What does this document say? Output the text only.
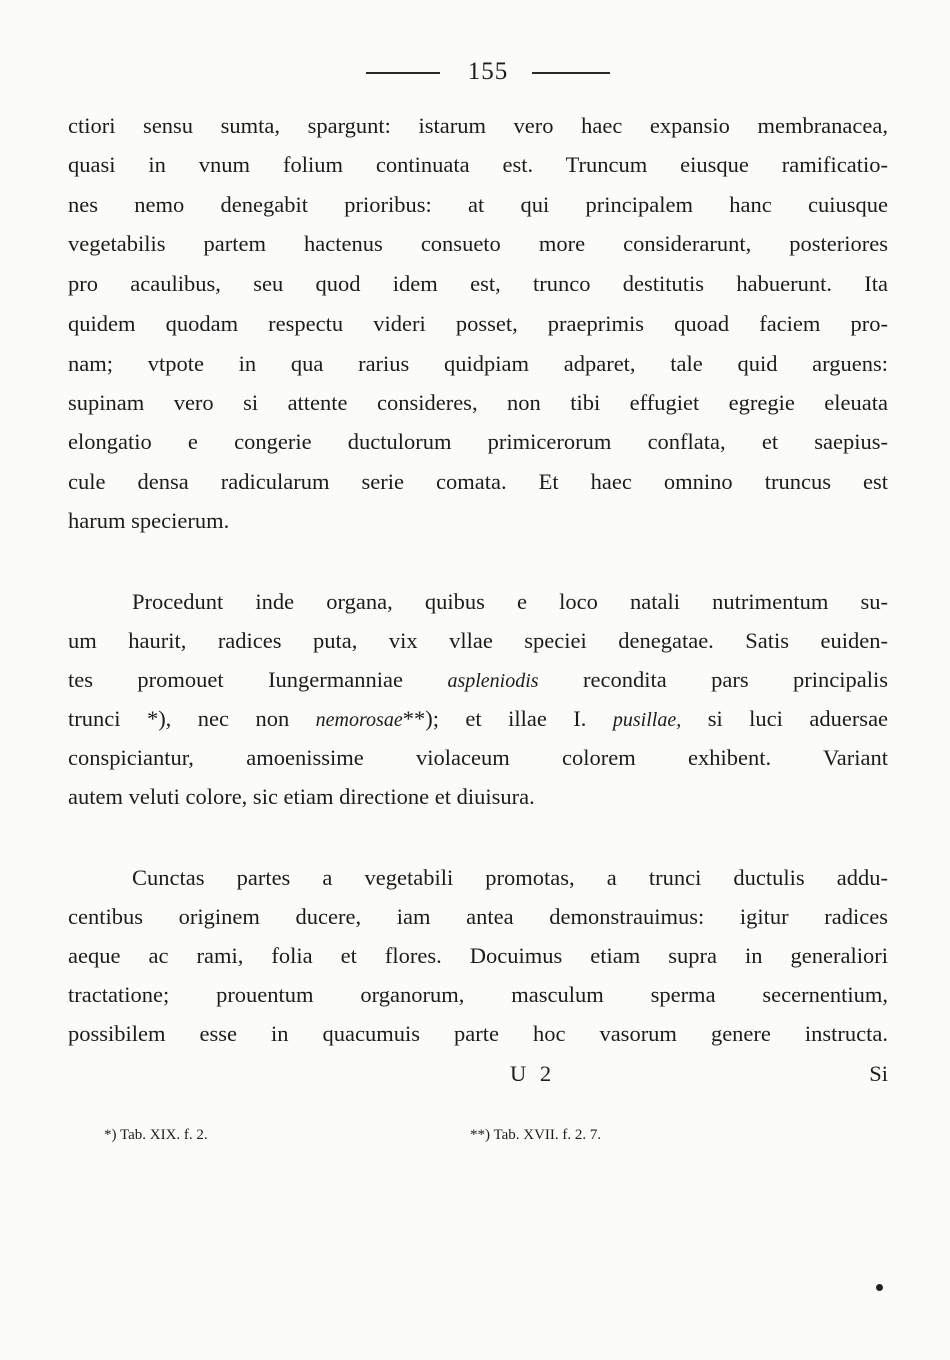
155
ctiori sensu sumta, spargunt: istarum vero haec expansio membranacea,
quasi in vnum folium continuata est. Truncum eiusque ramificatio-
nes nemo denegabit prioribus: at qui principalem hanc cuiusque
vegetabilis partem hactenus consueto more considerarunt, posteriores
pro acaulibus, seu quod idem est, trunco destitutis habuerunt. Ita
quidem quodam respectu videri posset, praeprimis quoad faciem pro-
nam; vtpote in qua rarius quidpiam adparet, tale quid arguens:
supinam vero si attente consideres, non tibi effugiet egregie eleuata
elongatio e congerie ductulorum primicerorum conflata, et saepius-
cule densa radicularum serie comata. Et haec omnino truncus est
harum specierum.
Procedunt inde organa, quibus e loco natali nutrimentum su-
um haurit, radices puta, vix vllae speciei denegatae. Satis euiden-
tes promouet Iungermanniae aspleniodis recondita pars principalis
trunci *), nec non nemorosae**); et illae I. pusillae, si luci aduersae
conspiciantur, amoenissime violaceum colorem exhibent. Variant
autem veluti colore, sic etiam directione et diuisura.
Cunctas partes a vegetabili promotas, a trunci ductulis addu-
centibus originem ducere, iam antea demonstrauimus: igitur radices
aeque ac rami, folia et flores. Docuimus etiam supra in generaliori
tractatione; prouentum organorum, masculum sperma secernentium,
possibilem esse in quacumuis parte hoc vasorum genere instructa.
U 2	Si
*) Tab. XIX. f. 2.	**) Tab. XVII. f. 2. 7.
